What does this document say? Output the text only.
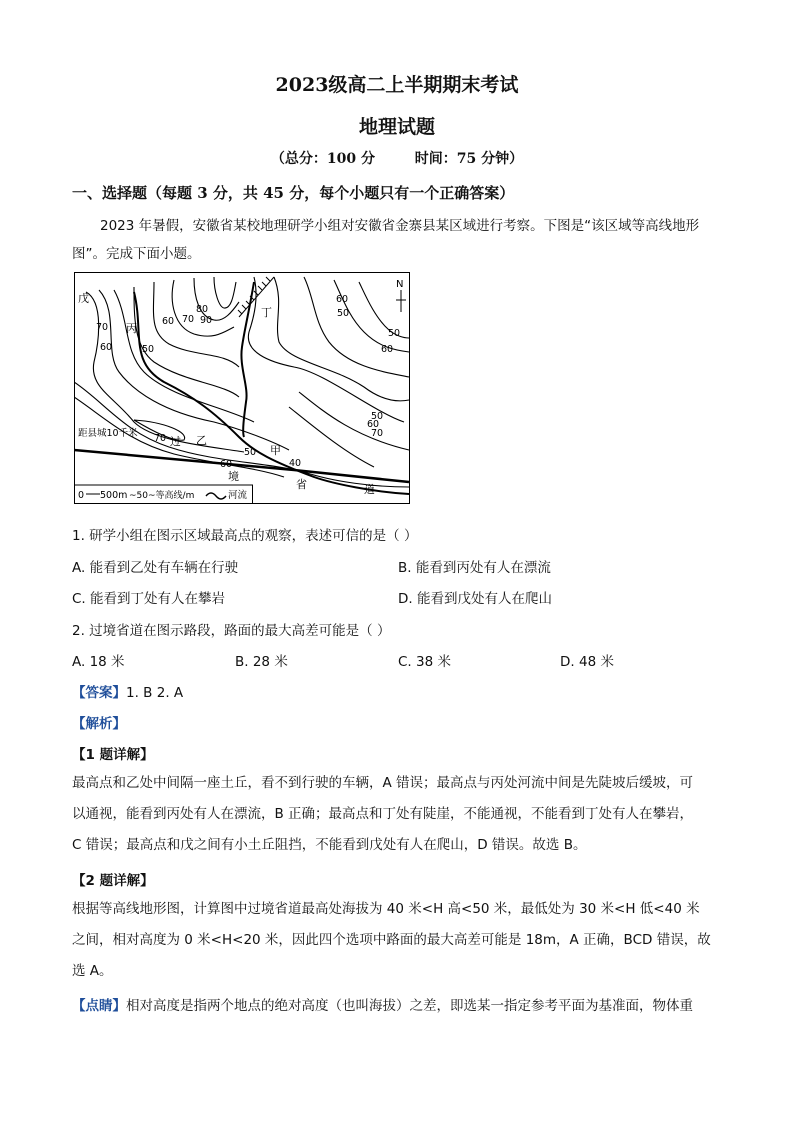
2023级高二上半期期末考试
地理试题
（总分：100 分	时间：75 分钟）
一、选择题（每题 3 分，共 45 分，每个小题只有一个正确答案）
2023 年暑假，安徽省某校地理研学小组对安徽省金寨县某区域进行考察。下图是“该区域等高线地形
图”。完成下面小题。
N
戊
丙
丁
甲
乙
过
境
省	道
距县城10千米
70
60	50
60 70
80
90
60
50
50
60
50
60
70
70
60
50
40
0 500m ~50~等高线/m	河流
1. 研学小组在图示区域最高点的观察，表述可信的是（ ）
A. 能看到乙处有车辆在行驶	B. 能看到丙处有人在漂流
C. 能看到丁处有人在攀岩	D. 能看到戊处有人在爬山
2. 过境省道在图示路段，路面的最大高差可能是（ ）
A. 18 米	B. 28 米	C. 38 米	D. 48 米
【答案】1. B 2. A
【解析】
【1 题详解】
最高点和乙处中间隔一座土丘，看不到行驶的车辆，A 错误；最高点与丙处河流中间是先陡坡后缓坡，可
以通视，能看到丙处有人在漂流，B 正确；最高点和丁处有陡崖，不能通视，不能看到丁处有人在攀岩，
C 错误；最高点和戊之间有小土丘阻挡，不能看到戊处有人在爬山，D 错误。故选 B。
【2 题详解】
根据等高线地形图，计算图中过境省道最高处海拔为 40 米<H 高<50 米，最低处为 30 米<H 低<40 米
之间，相对高度为 0 米<H<20 米，因此四个选项中路面的最大高差可能是 18m，A 正确，BCD 错误，故
选 A。
【点睛】相对高度是指两个地点的绝对高度（也叫海拔）之差，即选某一指定参考平面为基准面，物体重
